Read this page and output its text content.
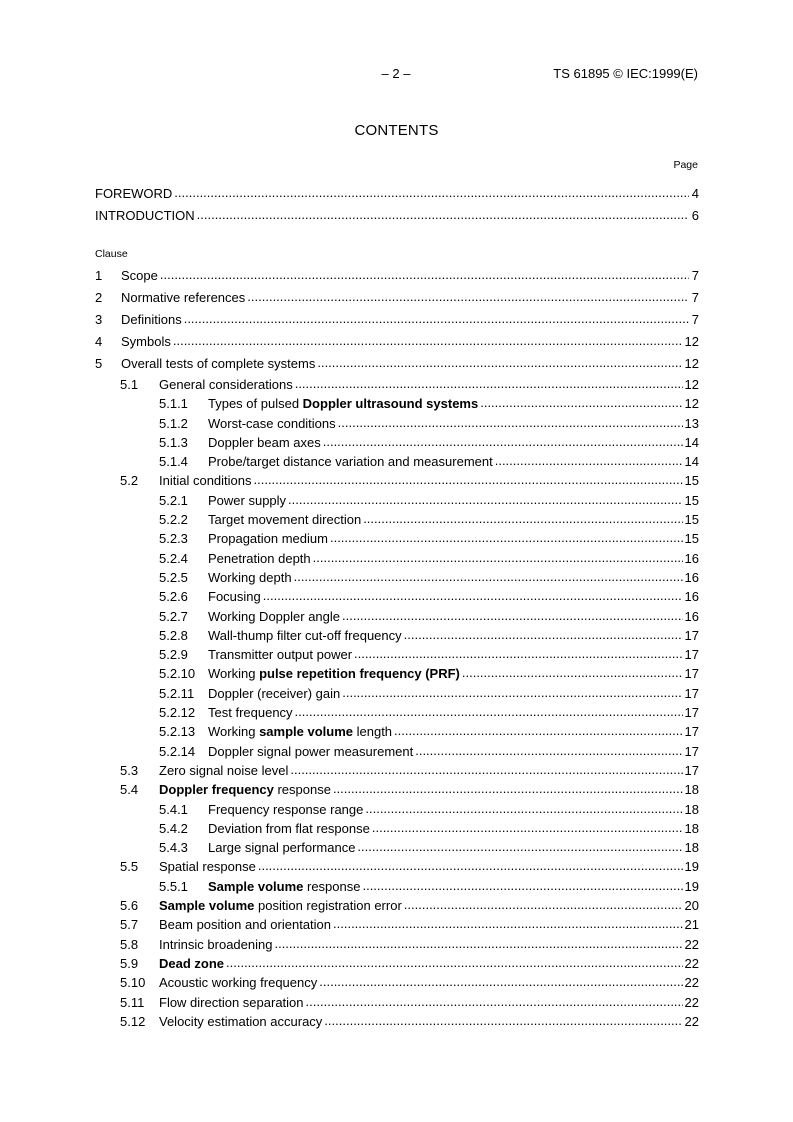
– 2 –	TS 61895 © IEC:1999(E)
CONTENTS
Page
FOREWORD .....	4
INTRODUCTION .....	6
Clause
1	Scope .....	7
2	Normative references .....	7
3	Definitions .....	7
4	Symbols .....	12
5	Overall tests of complete systems .....	12
5.1	General considerations .....	12
5.1.1	Types of pulsed Doppler ultrasound systems .....	12
5.1.2	Worst-case conditions .....	13
5.1.3	Doppler beam axes .....	14
5.1.4	Probe/target distance variation and measurement .....	14
5.2	Initial conditions .....	15
5.2.1	Power supply .....	15
5.2.2	Target movement direction .....	15
5.2.3	Propagation medium .....	15
5.2.4	Penetration depth .....	16
5.2.5	Working depth .....	16
5.2.6	Focusing .....	16
5.2.7	Working Doppler angle .....	16
5.2.8	Wall-thump filter cut-off frequency .....	17
5.2.9	Transmitter output power .....	17
5.2.10 Working pulse repetition frequency (PRF) .....	17
5.2.11	Doppler (receiver) gain .....	17
5.2.12 Test frequency .....	17
5.2.13 Working sample volume length .....	17
5.2.14 Doppler signal power measurement .....	17
5.3	Zero signal noise level .....	17
5.4	Doppler frequency response .....	18
5.4.1	Frequency response range .....	18
5.4.2	Deviation from flat response .....	18
5.4.3	Large signal performance .....	18
5.5	Spatial response .....	19
5.5.1	Sample volume response .....	19
5.6	Sample volume position registration error .....	20
5.7	Beam position and orientation .....	21
5.8	Intrinsic broadening .....	22
5.9	Dead zone .....	22
5.10	Acoustic working frequency .....	22
5.11	Flow direction separation .....	22
5.12	Velocity estimation accuracy .....	22
